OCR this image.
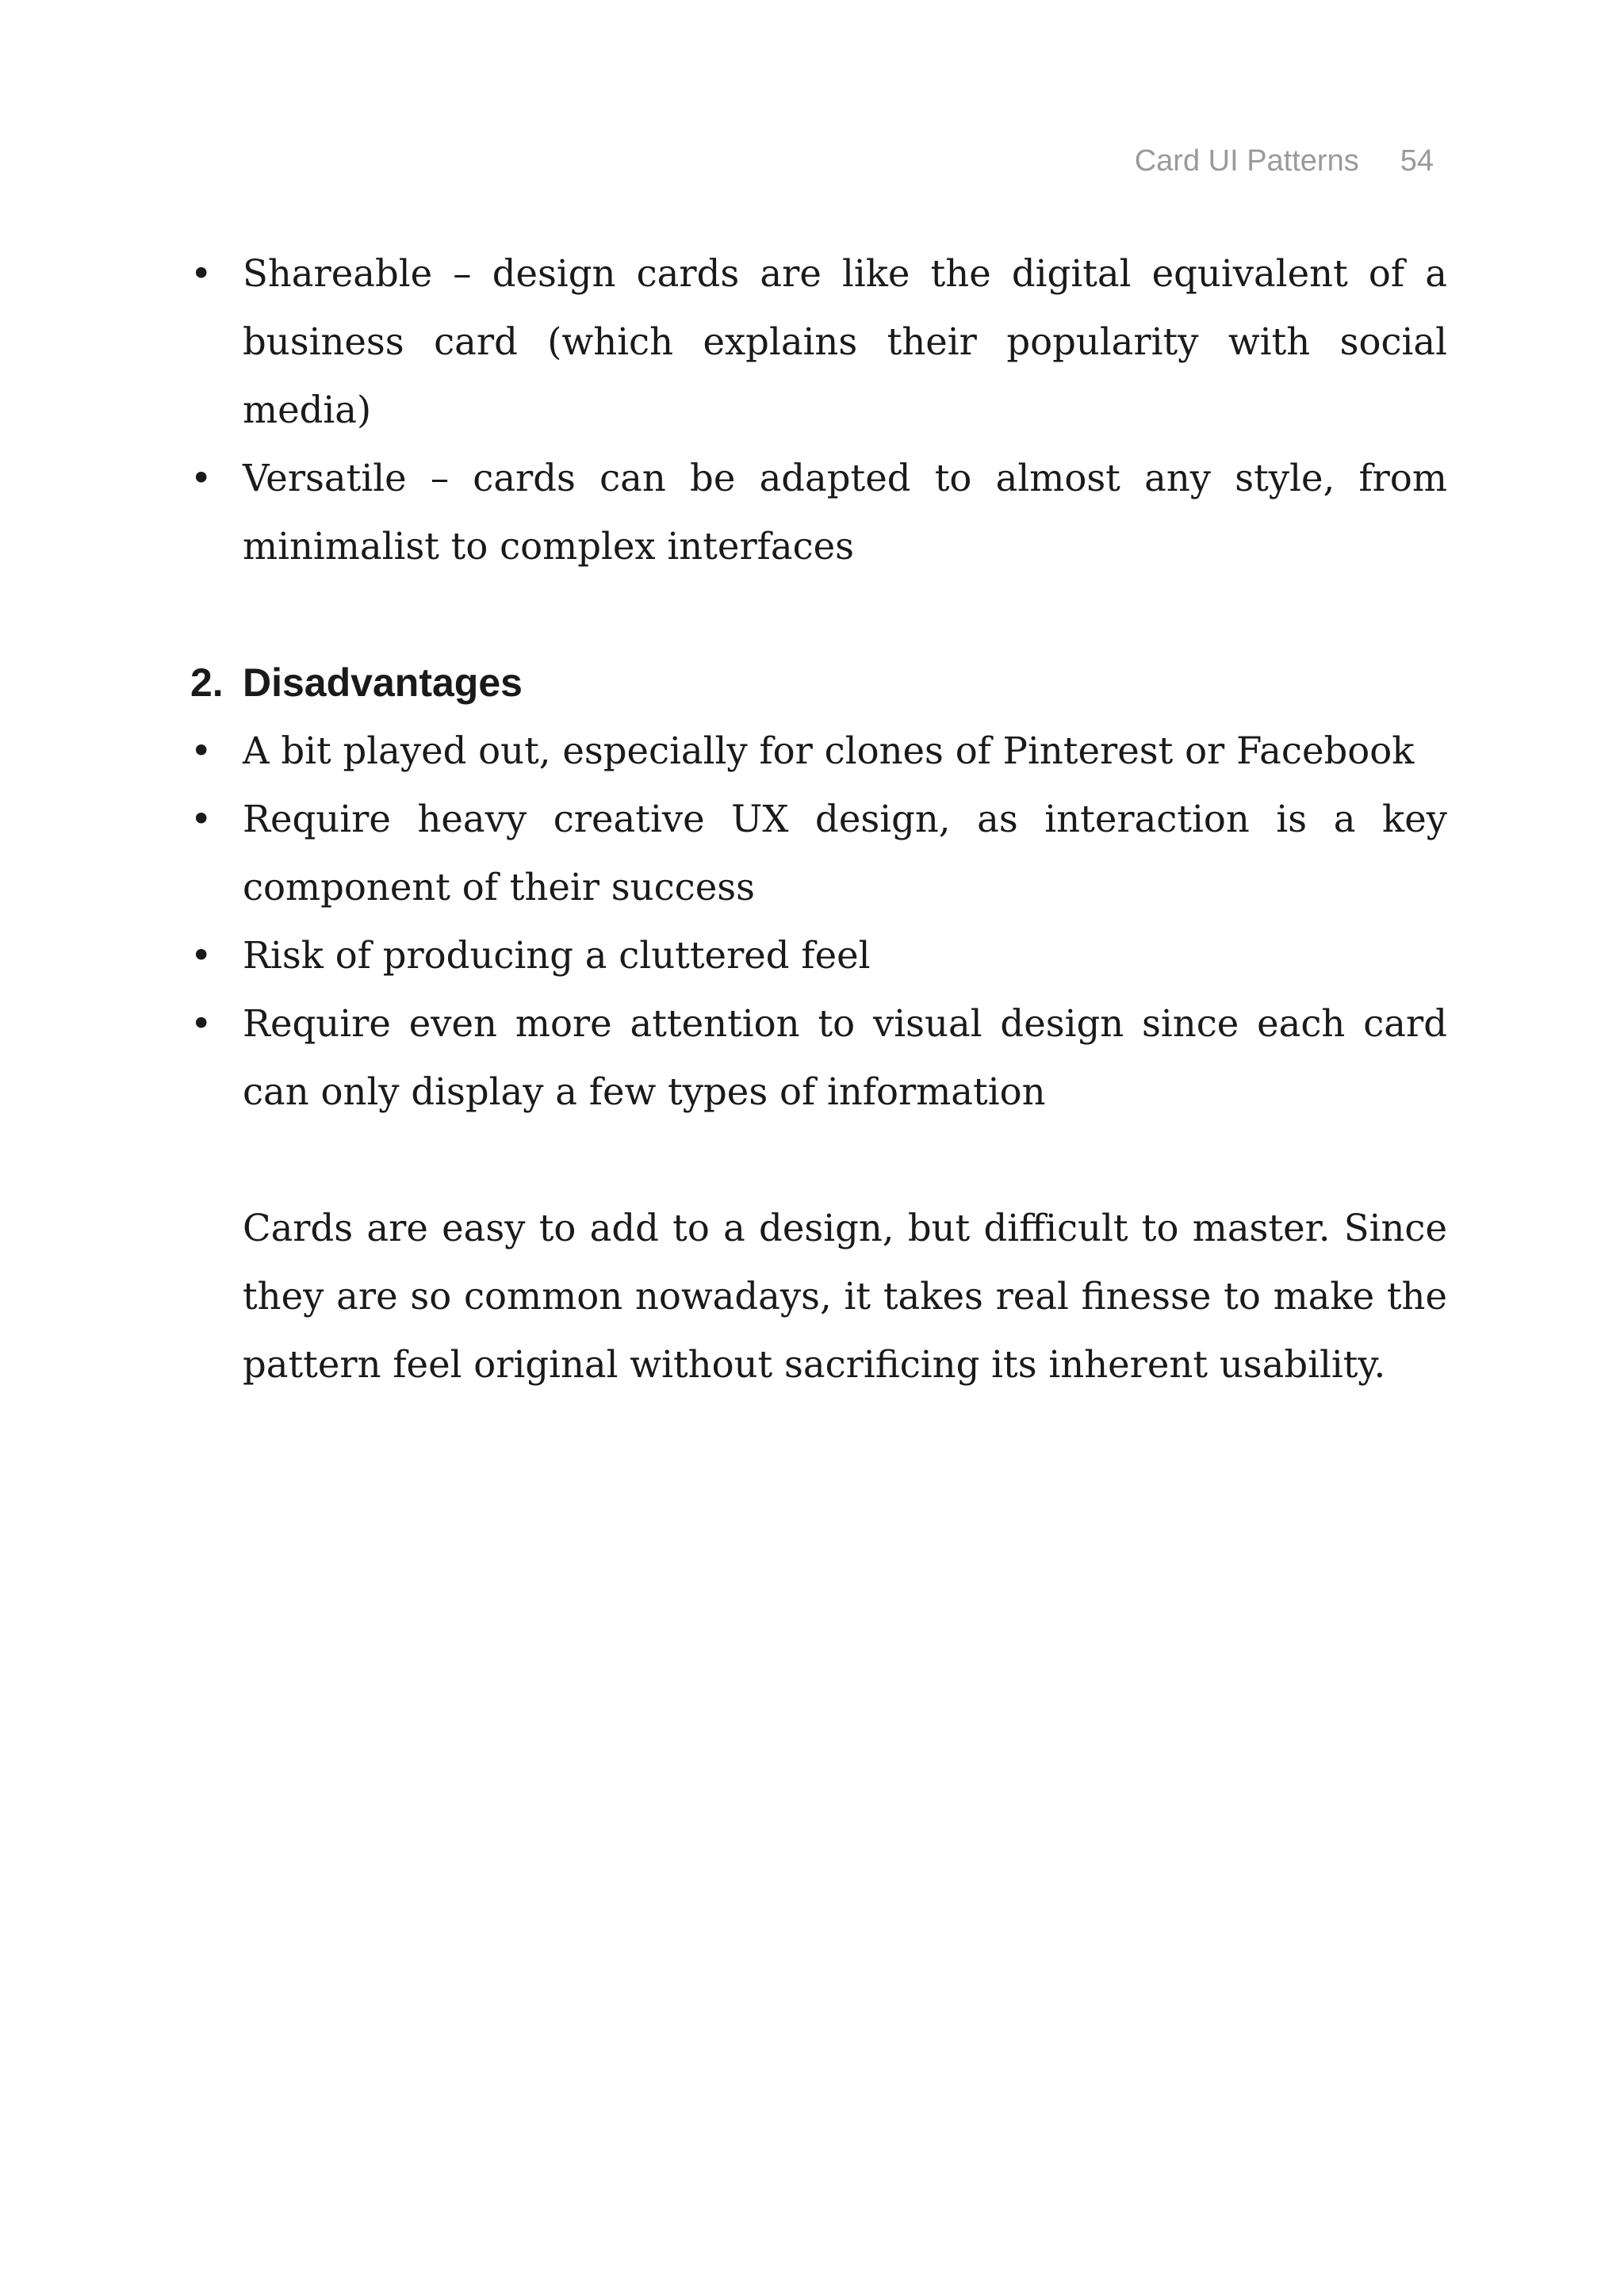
Card UI Patterns 54
• Shareable – design cards are like the digital equivalent of a business card (which explains their popularity with social media)
• Versatile – cards can be adapted to almost any style, from minimalist to complex interfaces
2. Disadvantages
• A bit played out, especially for clones of Pinterest or Facebook
• Require heavy creative UX design, as interaction is a key component of their success
• Risk of producing a cluttered feel
• Require even more attention to visual design since each card can only display a few types of information

Cards are easy to add to a design, but difficult to master. Since they are so common nowadays, it takes real finesse to make the pattern feel original without sacrificing its inherent usability.
